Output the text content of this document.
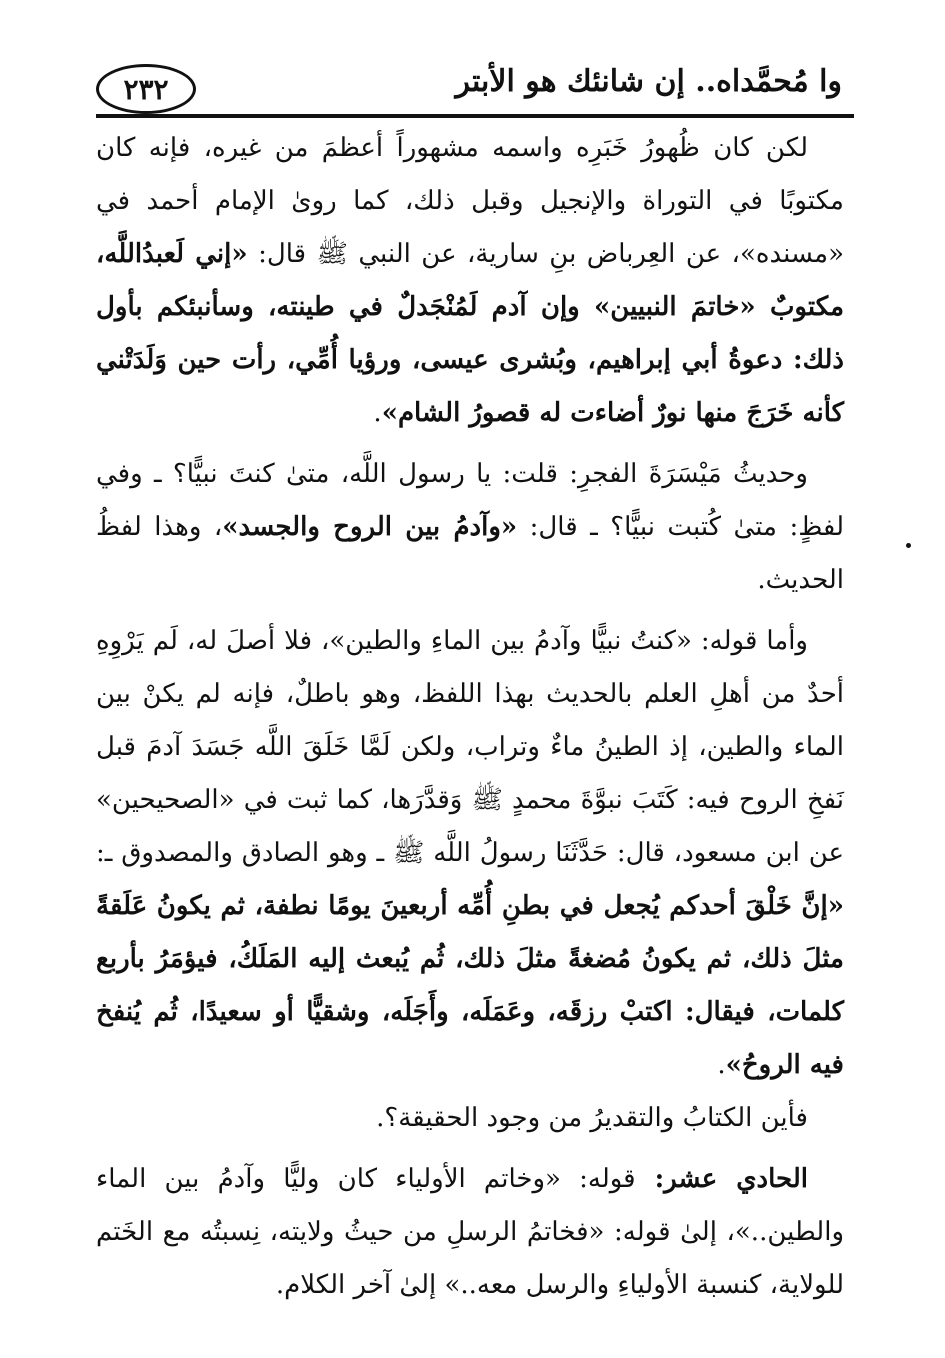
٢٣٢	وا مُحمَّداه.. إن شانئك هو الأبتر

لكن كان ظُهورُ خَبَرِه واسمه مشهوراً أعظمَ من غيره، فإنه كان مكتوبًا في التوراة والإنجيل وقبل ذلك، كما روىٰ الإمام أحمد في «مسنده»، عن العِرباض بنِ سارية، عن النبي ﷺ قال: «إني لَعبدُاللَّه، مكتوبٌ «خاتمَ النبيين» وإن آدم لَمُنْجَدلٌ في طينته، وسأنبئكم بأول ذلك: دعوةُ أبي إبراهيم، وبُشرى عيسى، ورؤيا أُمِّي، رأت حين وَلَدَتْني كأنه خَرَجَ منها نورٌ أضاءت له قصورُ الشام».

وحديثُ مَيْسَرَةَ الفجرِ: قلت: يا رسول اللَّه، متىٰ كنتَ نبيًّا؟ ـ وفي لفظٍ: متىٰ كُتبت نبيًّا؟ ـ قال: «وآدمُ بين الروح والجسد»، وهذا لفظُ الحديث.

وأما قوله: «كنتُ نبيًّا وآدمُ بين الماءِ والطين»، فلا أصلَ له، لَم يَرْوِهِ أحدٌ من أهلِ العلم بالحديث بهذا اللفظ، وهو باطلٌ، فإنه لم يكنْ بين الماء والطين، إذ الطينُ ماءٌ وتراب، ولكن لَمَّا خَلَقَ اللَّه جَسَدَ آدمَ قبل نَفخِ الروح فيه: كَتَبَ نبوَّةَ محمدٍ ﷺ وَقدَّرَها، كما ثبت في «الصحيحين» عن ابن مسعود، قال: حَدَّثَنَا رسولُ اللَّه ﷺ ـ وهو الصادق والمصدوق ـ: «إنَّ خَلْقَ أحدكم يُجعل في بطنِ أُمِّه أربعينَ يومًا نطفة، ثم يكونُ عَلَقةً مثلَ ذلك، ثم يكونُ مُضغةً مثلَ ذلك، ثُم يُبعث إليه المَلَكُ، فيؤمَرُ بأربع كلمات، فيقال: اكتبْ رزقَه، وعَمَلَه، وأَجَلَه، وشقيًّا أو سعيدًا، ثُم يُنفخ فيه الروحُ».

فأين الكتابُ والتقديرُ من وجود الحقيقة؟.

الحادي عشر: قوله: «وخاتم الأولياء كان وليًّا وآدمُ بين الماء والطين..»، إلىٰ قوله: «فخاتمُ الرسلِ من حيثُ ولايته، نِسبتُه مع الخَتم للولاية، كنسبة الأولياءِ والرسل معه..» إلىٰ آخر الكلام.
